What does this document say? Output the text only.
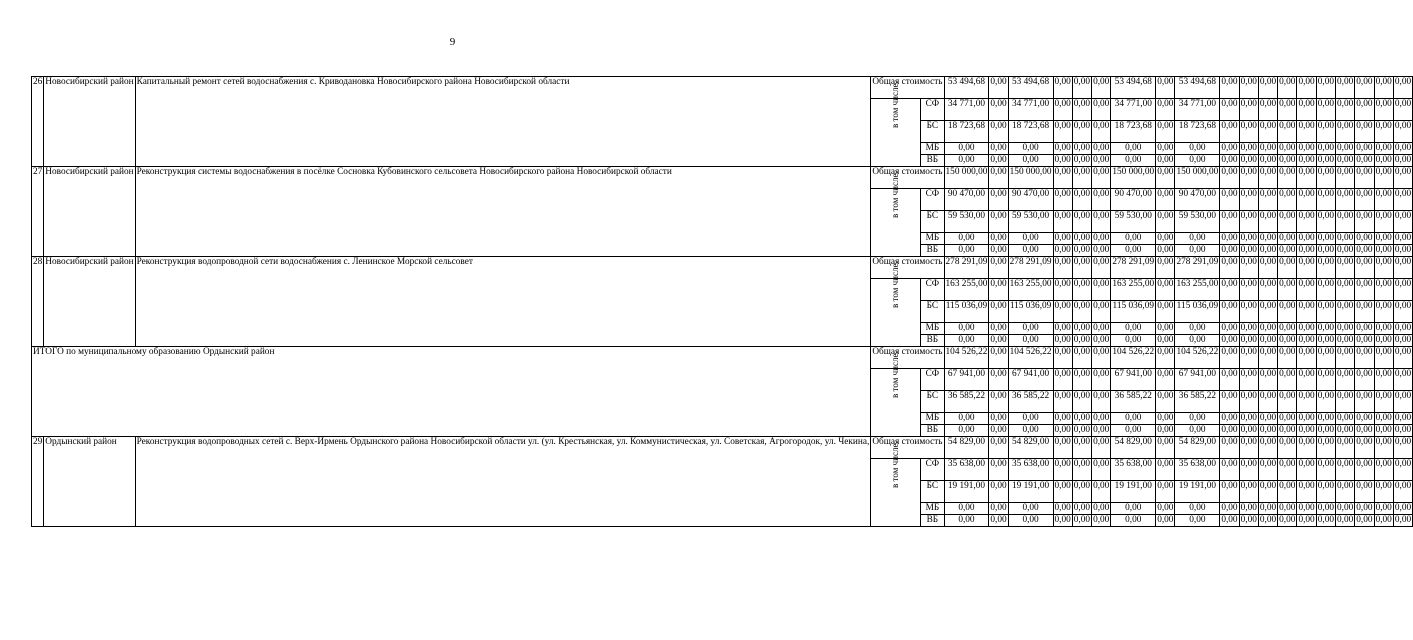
9
26	Новосибирский район	Капитальный ремонт сетей водоснабжения с. Криводановка Новосибирского района Новосибирской области	Общая стоимость		53 494,68	0,00	53 494,68	0,00	0,00	0,00	53 494,68	0,00	53 494,68	0,00	0,00	0,00	0,00	0,00	0,00	0,00	0,00	0,00	0,00
			в том числе:	СФ	34 771,00	0,00	34 771,00	0,00	0,00	0,00	34 771,00	0,00	34 771,00	0,00	0,00	0,00	0,00	0,00	0,00	0,00	0,00	0,00	0,00
				БС	18 723,68	0,00	18 723,68	0,00	0,00	0,00	18 723,68	0,00	18 723,68	0,00	0,00	0,00	0,00	0,00	0,00	0,00	0,00	0,00	0,00
				МБ	0,00	0,00	0,00	0,00	0,00	0,00	0,00	0,00	0,00	0,00	0,00	0,00	0,00	0,00	0,00	0,00	0,00	0,00	0,00
				ВБ	0,00	0,00	0,00	0,00	0,00	0,00	0,00	0,00	0,00	0,00	0,00	0,00	0,00	0,00	0,00	0,00	0,00	0,00	0,00
27	Новосибирский район	Реконструкция системы водоснабжения в посёлке Сосновка Кубовинского сельсовета Новосибирского района Новосибирской области	Общая стоимость		150 000,00	0,00	150 000,00	0,00	0,00	0,00	150 000,00	0,00	150 000,00	0,00	0,00	0,00	0,00	0,00	0,00	0,00	0,00	0,00	0,00
			в том числе:	СФ	90 470,00	0,00	90 470,00	0,00	0,00	0,00	90 470,00	0,00	90 470,00	0,00	0,00	0,00	0,00	0,00	0,00	0,00	0,00	0,00	0,00
				БС	59 530,00	0,00	59 530,00	0,00	0,00	0,00	59 530,00	0,00	59 530,00	0,00	0,00	0,00	0,00	0,00	0,00	0,00	0,00	0,00	0,00
				МБ	0,00	0,00	0,00	0,00	0,00	0,00	0,00	0,00	0,00	0,00	0,00	0,00	0,00	0,00	0,00	0,00	0,00	0,00	0,00
				ВБ	0,00	0,00	0,00	0,00	0,00	0,00	0,00	0,00	0,00	0,00	0,00	0,00	0,00	0,00	0,00	0,00	0,00	0,00	0,00
28	Новосибирский район	Реконструкция водопроводной сети водоснабжения с. Ленинское Морской сельсовет	Общая стоимость		278 291,09	0,00	278 291,09	0,00	0,00	0,00	278 291,09	0,00	278 291,09	0,00	0,00	0,00	0,00	0,00	0,00	0,00	0,00	0,00	0,00
			в том числе:	СФ	163 255,00	0,00	163 255,00	0,00	0,00	0,00	163 255,00	0,00	163 255,00	0,00	0,00	0,00	0,00	0,00	0,00	0,00	0,00	0,00	0,00
				БС	115 036,09	0,00	115 036,09	0,00	0,00	0,00	115 036,09	0,00	115 036,09	0,00	0,00	0,00	0,00	0,00	0,00	0,00	0,00	0,00	0,00
				МБ	0,00	0,00	0,00	0,00	0,00	0,00	0,00	0,00	0,00	0,00	0,00	0,00	0,00	0,00	0,00	0,00	0,00	0,00	0,00
				ВБ	0,00	0,00	0,00	0,00	0,00	0,00	0,00	0,00	0,00	0,00	0,00	0,00	0,00	0,00	0,00	0,00	0,00	0,00	0,00
ИТОГО по муниципальному образованию Ордынский район			Общая стоимость		104 526,22	0,00	104 526,22	0,00	0,00	0,00	104 526,22	0,00	104 526,22	0,00	0,00	0,00	0,00	0,00	0,00	0,00	0,00	0,00	0,00
			в том числе:	СФ	67 941,00	0,00	67 941,00	0,00	0,00	0,00	67 941,00	0,00	67 941,00	0,00	0,00	0,00	0,00	0,00	0,00	0,00	0,00	0,00	0,00
				БС	36 585,22	0,00	36 585,22	0,00	0,00	0,00	36 585,22	0,00	36 585,22	0,00	0,00	0,00	0,00	0,00	0,00	0,00	0,00	0,00	0,00
				МБ	0,00	0,00	0,00	0,00	0,00	0,00	0,00	0,00	0,00	0,00	0,00	0,00	0,00	0,00	0,00	0,00	0,00	0,00	0,00
				ВБ	0,00	0,00	0,00	0,00	0,00	0,00	0,00	0,00	0,00	0,00	0,00	0,00	0,00	0,00	0,00	0,00	0,00	0,00	0,00
29	Ордынский район	Реконструкция водопроводных сетей с. Верх-Ирмень Ордынского района Новосибирской области ул. (ул. Крестьянская, ул. Коммунистическая, ул. Советская, Агрогородок, ул. Чекина,	Общая стоимость		54 829,00	0,00	54 829,00	0,00	0,00	0,00	54 829,00	0,00	54 829,00	0,00	0,00	0,00	0,00	0,00	0,00	0,00	0,00	0,00	0,00
			в том числе:	СФ	35 638,00	0,00	35 638,00	0,00	0,00	0,00	35 638,00	0,00	35 638,00	0,00	0,00	0,00	0,00	0,00	0,00	0,00	0,00	0,00	0,00
				БС	19 191,00	0,00	19 191,00	0,00	0,00	0,00	19 191,00	0,00	19 191,00	0,00	0,00	0,00	0,00	0,00	0,00	0,00	0,00	0,00	0,00
				МБ	0,00	0,00	0,00	0,00	0,00	0,00	0,00	0,00	0,00	0,00	0,00	0,00	0,00	0,00	0,00	0,00	0,00	0,00	0,00
				ВБ	0,00	0,00	0,00	0,00	0,00	0,00	0,00	0,00	0,00	0,00	0,00	0,00	0,00	0,00	0,00	0,00	0,00	0,00	0,00
